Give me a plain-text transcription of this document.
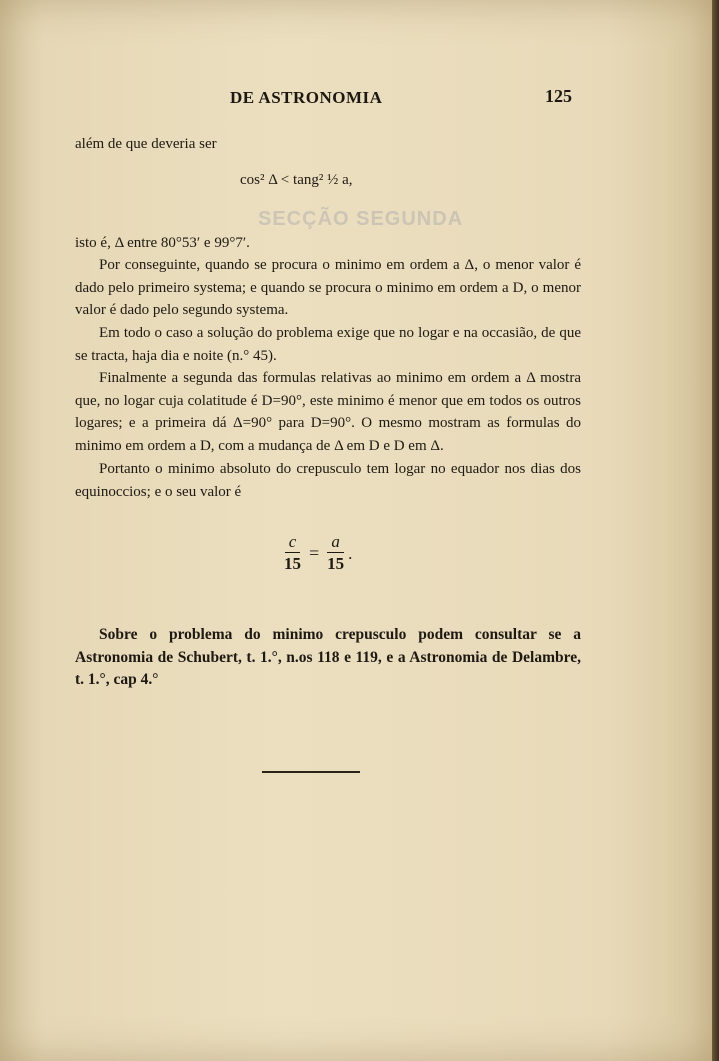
SECÇÃO SEGUNDA
DE ASTRONOMIA	125
além de que deveria ser
cos² Δ < tang² ½ a,
isto é, Δ entre 80°53′ e 99°7′.
Por conseguinte, quando se procura o minimo em ordem a Δ, o menor valor é dado pelo primeiro systema; e quando se procura o minimo em ordem a D, o menor valor é dado pelo segundo systema.
Em todo o caso a solução do problema exige que no logar e na occasião, de que se tracta, haja dia e noite (n.° 45).
Finalmente a segunda das formulas relativas ao minimo em ordem a Δ mostra que, no logar cuja colatitude é D=90°, este minimo é menor que em todos os outros logares; e a primeira dá Δ=90° para D=90°. O mesmo mostram as formulas do minimo em ordem a D, com a mudança de Δ em D e D em Δ.
Portanto o minimo absoluto do crepusculo tem logar no equador nos dias dos equinoccios; e o seu valor é
$\frac{c}{15} = \frac{a}{15}$ .
Sobre o problema do minimo crepusculo podem consultar se a Astronomia de Schubert, t. 1.°, n.os 118 e 119, e a Astronomia de Delambre, t. 1.°, cap 4.°
